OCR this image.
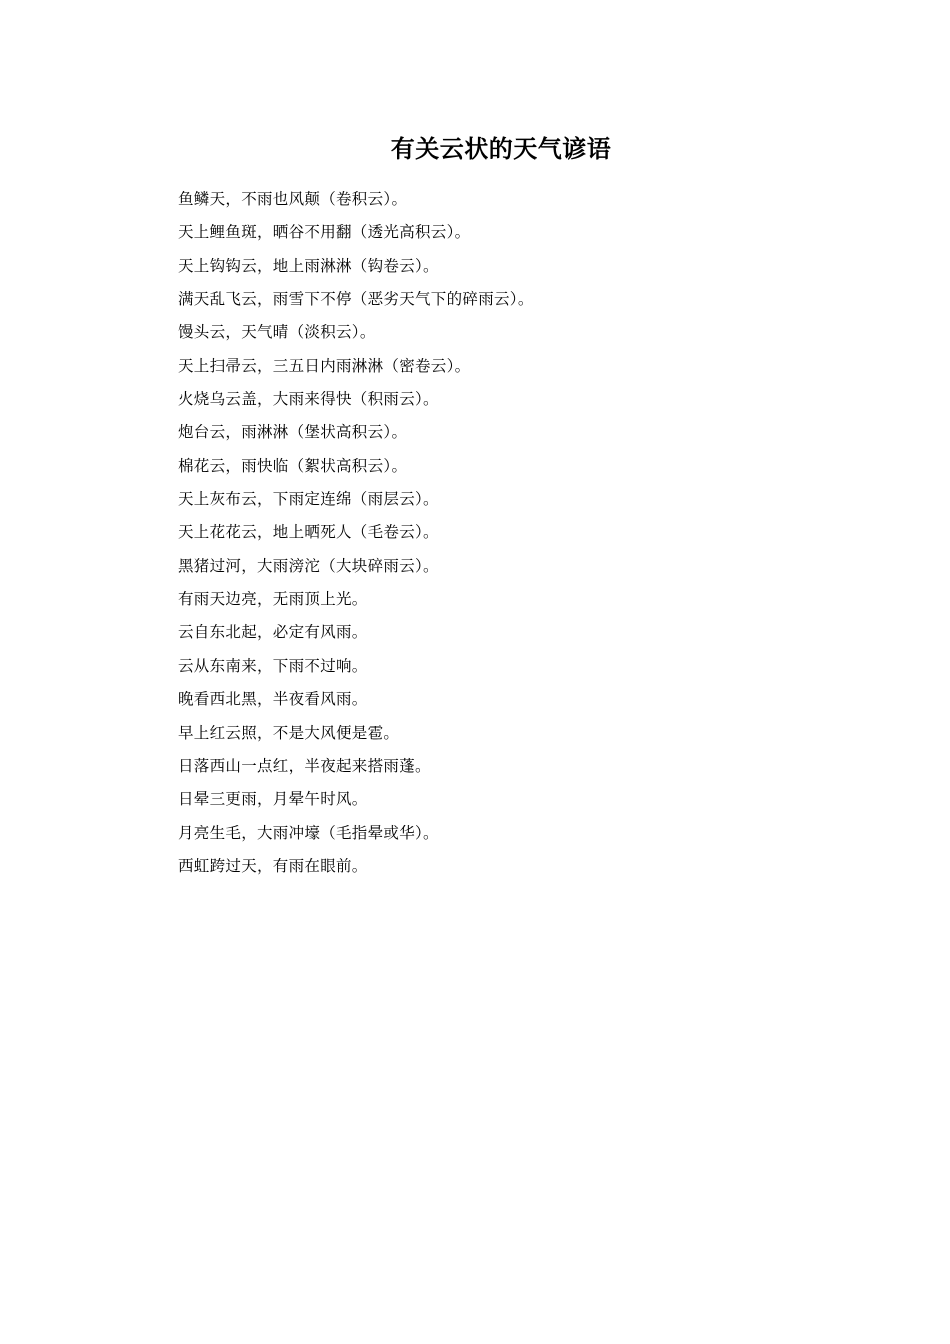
有关云状的天气谚语
鱼鳞天，不雨也风颠（卷积云）。
天上鲤鱼斑，晒谷不用翻（透光高积云）。
天上钩钩云，地上雨淋淋（钩卷云）。
满天乱飞云，雨雪下不停（恶劣天气下的碎雨云）。
馒头云，天气晴（淡积云）。
天上扫帚云，三五日内雨淋淋（密卷云）。
火烧乌云盖，大雨来得快（积雨云）。
炮台云，雨淋淋（堡状高积云）。
棉花云，雨快临（絮状高积云）。
天上灰布云，下雨定连绵（雨层云）。
天上花花云，地上晒死人（毛卷云）。
黑猪过河，大雨滂沱（大块碎雨云）。
有雨天边亮，无雨顶上光。
云自东北起，必定有风雨。
云从东南来，下雨不过响。
晚看西北黑，半夜看风雨。
早上红云照，不是大风便是雹。
日落西山一点红，半夜起来搭雨蓬。
日晕三更雨，月晕午时风。
月亮生毛，大雨冲壕（毛指晕或华）。
西虹跨过天，有雨在眼前。
